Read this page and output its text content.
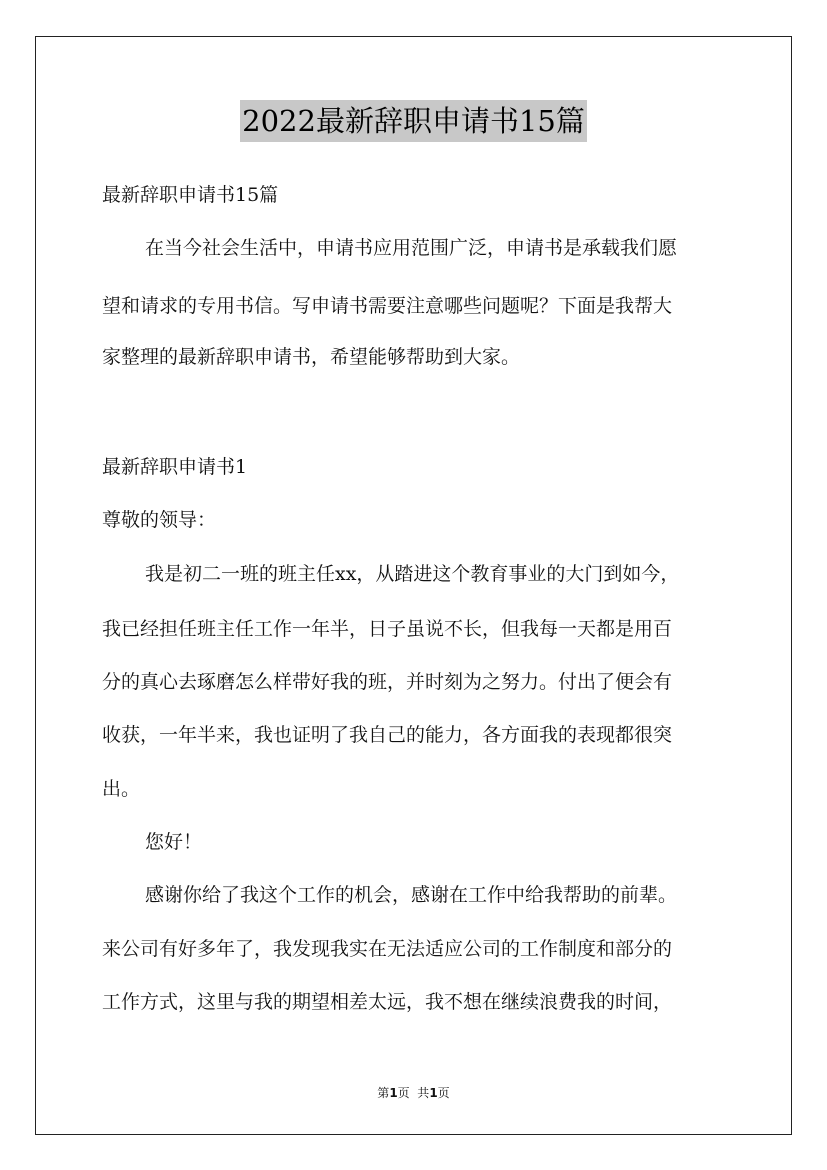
2022最新辞职申请书15篇
最新辞职申请书15篇
在当今社会生活中，申请书应用范围广泛，申请书是承载我们愿
望和请求的专用书信。写申请书需要注意哪些问题呢？下面是我帮大
家整理的最新辞职申请书，希望能够帮助到大家。
最新辞职申请书1
尊敬的领导：
我是初二一班的班主任xx，从踏进这个教育事业的大门到如今，
我已经担任班主任工作一年半，日子虽说不长，但我每一天都是用百
分的真心去琢磨怎么样带好我的班，并时刻为之努力。付出了便会有
收获，一年半来，我也证明了我自己的能力，各方面我的表现都很突
出。
您好！
感谢你给了我这个工作的机会，感谢在工作中给我帮助的前辈。
来公司有好多年了，我发现我实在无法适应公司的工作制度和部分的
工作方式，这里与我的期望相差太远，我不想在继续浪费我的时间，
第1页  共1页
